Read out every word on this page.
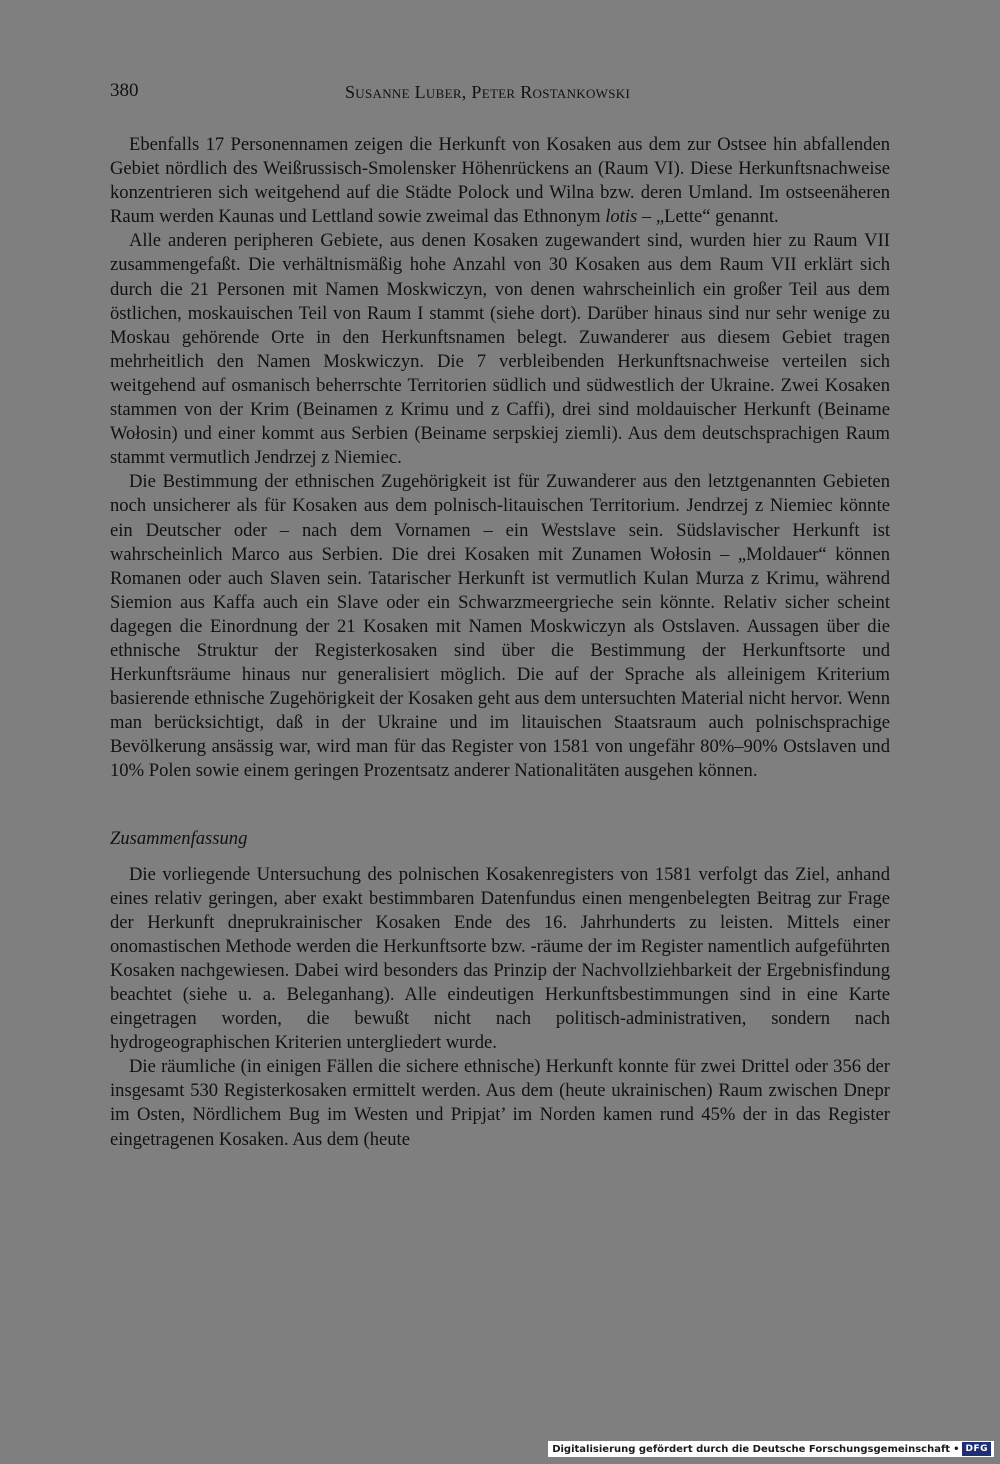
380	Susanne Luber, Peter Rostankowski

Ebenfalls 17 Personennamen zeigen die Herkunft von Kosaken aus dem zur Ostsee hin abfallenden Gebiet nördlich des Weißrussisch-Smolensker Höhenrückens an (Raum VI). Diese Herkunftsnachweise konzentrieren sich weitgehend auf die Städte Polock und Wilna bzw. deren Umland. Im ostseenäheren Raum werden Kaunas und Lettland sowie zweimal das Ethnonym lotis – „Lette“ genannt.

Alle anderen peripheren Gebiete, aus denen Kosaken zugewandert sind, wurden hier zu Raum VII zusammengefaßt. Die verhältnismäßig hohe Anzahl von 30 Kosaken aus dem Raum VII erklärt sich durch die 21 Personen mit Namen Moskwiczyn, von denen wahrscheinlich ein großer Teil aus dem östlichen, moskauischen Teil von Raum I stammt (siehe dort). Darüber hinaus sind nur sehr wenige zu Moskau gehörende Orte in den Herkunftsnamen belegt. Zuwanderer aus diesem Gebiet tragen mehrheitlich den Namen Moskwiczyn. Die 7 verbleibenden Herkunftsnachweise verteilen sich weitgehend auf osmanisch beherrschte Territorien südlich und südwestlich der Ukraine. Zwei Kosaken stammen von der Krim (Beinamen z Krimu und z Caffi), drei sind moldauischer Herkunft (Beiname Wołosin) und einer kommt aus Serbien (Beiname serpskiej ziemli). Aus dem deutschsprachigen Raum stammt vermutlich Jendrzej z Niemiec.

Die Bestimmung der ethnischen Zugehörigkeit ist für Zuwanderer aus den letztgenannten Gebieten noch unsicherer als für Kosaken aus dem polnisch-litauischen Territorium. Jendrzej z Niemiec könnte ein Deutscher oder – nach dem Vornamen – ein Westslave sein. Südslavischer Herkunft ist wahrscheinlich Marco aus Serbien. Die drei Kosaken mit Zunamen Wołosin – „Moldauer“ können Romanen oder auch Slaven sein. Tatarischer Herkunft ist vermutlich Kulan Murza z Krimu, während Siemion aus Kaffa auch ein Slave oder ein Schwarzmeergrieche sein könnte. Relativ sicher scheint dagegen die Einordnung der 21 Kosaken mit Namen Moskwiczyn als Ostslaven. Aussagen über die ethnische Struktur der Registerkosaken sind über die Bestimmung der Herkunftsorte und Herkunftsräume hinaus nur generalisiert möglich. Die auf der Sprache als alleinigem Kriterium basierende ethnische Zugehörigkeit der Kosaken geht aus dem untersuchten Material nicht hervor. Wenn man berücksichtigt, daß in der Ukraine und im litauischen Staatsraum auch polnischsprachige Bevölkerung ansässig war, wird man für das Register von 1581 von ungefähr 80%–90% Ostslaven und 10% Polen sowie einem geringen Prozentsatz anderer Nationalitäten ausgehen können.

Zusammenfassung

Die vorliegende Untersuchung des polnischen Kosakenregisters von 1581 verfolgt das Ziel, anhand eines relativ geringen, aber exakt bestimmbaren Datenfundus einen mengenbelegten Beitrag zur Frage der Herkunft dneprukrainischer Kosaken Ende des 16. Jahrhunderts zu leisten. Mittels einer onomastischen Methode werden die Herkunftsorte bzw. -räume der im Register namentlich aufgeführten Kosaken nachgewiesen. Dabei wird besonders das Prinzip der Nachvollziehbarkeit der Ergebnisfindung beachtet (siehe u. a. Beleganhang). Alle eindeutigen Herkunftsbestimmungen sind in eine Karte eingetragen worden, die bewußt nicht nach politisch-administrativen, sondern nach hydrogeographischen Kriterien untergliedert wurde.

Die räumliche (in einigen Fällen die sichere ethnische) Herkunft konnte für zwei Drittel oder 356 der insgesamt 530 Registerkosaken ermittelt werden. Aus dem (heute ukrainischen) Raum zwischen Dnepr im Osten, Nördlichem Bug im Westen und Pripjat’ im Norden kamen rund 45% der in das Register eingetragenen Kosaken. Aus dem (heute

Digitalisierung gefördert durch die Deutsche Forschungsgemeinschaft • DFG
